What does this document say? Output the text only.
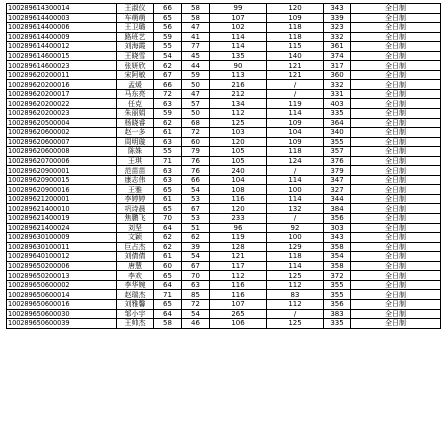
100289614300014	王淑仪	66	58	99	120	343	全日制
100289614400003	车萌萌	65	58	107	109	339	全日制
100289614400006	王卫璐	56	47	102	118	323	全日制
100289614400009	路班艺	59	41	114	118	332	全日制
100289614400012	刘海霞	55	77	114	115	361	全日制
100289614600015	王晓雪	54	45	135	140	374	全日制
100289614600023	张妍欣	62	44	90	121	317	全日制
100289620200011	宋阿敏	67	59	113	121	360	全日制
100289620200016	孟煖	66	50	216	/	332	全日制
100289620200017	马东亮	72	47	212	/	331	全日制
100289620200022	任克	63	57	134	119	403	全日制
100289620200023	朱丽娟	59	50	112	114	335	全日制
100289620500004	杨晓睿	62	68	125	109	364	全日制
100289620600002	赵一多	61	72	103	104	340	全日制
100289620600007	周明璇	63	60	120	109	355	全日制
100289620600008	陈姝	55	79	105	118	357	全日制
100289620700006	王琪	71	76	105	124	376	全日制
100289620900001	范苗苗	63	76	240	/	379	全日制
100289620900015	康志伟	63	66	104	114	347	全日制
100289620900016	王雅	65	54	108	100	327	全日制
100289621200001	李婷婷	61	53	116	114	344	全日制
100289621400010	巩诗晨	65	67	120	132	384	全日制
100289621400019	焦鹏飞	70	53	233	/	356	全日制
100289621400024	刘坚	64	51	96	92	303	全日制
100289630100009	文颖	62	62	119	100	343	全日制
100289630100011	巨占杰	62	39	128	129	358	全日制
100289640100012	刘倩倩	61	54	121	118	354	全日制
100289650200006	唐慧	60	67	117	114	358	全日制
100289650200013	李欢	65	70	112	125	372	全日制
100289650600002	李华婉	64	63	116	112	355	全日制
100289650600014	赵瑞杰	71	85	116	83	355	全日制
100289650600016	刘雅馨	65	72	107	112	356	全日制
100289650600030	邹小宇	64	54	265	/	383	全日制
100289650600039	王帅杰	58	46	106	125	335	全日制
